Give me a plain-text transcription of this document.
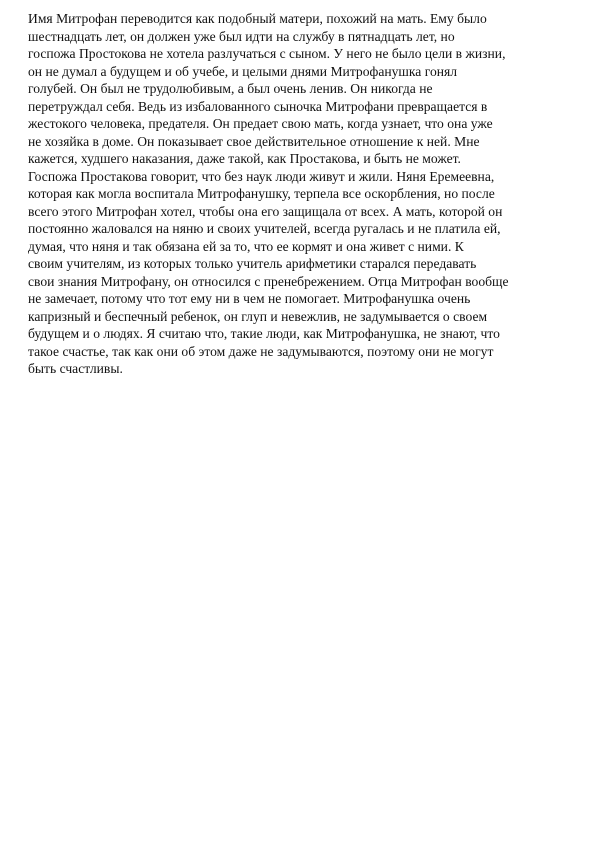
Имя Митрофан переводится как подобный матери, похожий на мать. Ему было
шестнадцать лет, он должен уже был идти на службу в пятнадцать лет, но
госпожа Простокова не хотела разлучаться с сыном. У него не было цели в жизни,
он не думал а будущем и об учебе, и целыми днями Митрофанушка гонял
голубей. Он был не трудолюбивым, а был очень ленив. Он никогда не
перетруждал себя. Ведь из избалованного сыночка Митрофани превращается в
жестокого человека, предателя. Он предает свою мать, когда узнает, что она уже
не хозяйка в доме. Он показывает свое действительное отношение к ней. Мне
кажется, худшего наказания, даже такой, как Простакова, и быть не может.
Госпожа Простакова говорит, что без наук люди живут и жили. Няня Еремеевна,
которая как могла воспитала Митрофанушку, терпела все оскорбления, но после
всего этого Митрофан хотел, чтобы она его защищала от всех. А мать, которой он
постоянно жаловался на няню и своих учителей, всегда ругалась и не платила ей,
думая, что няня и так обязана ей за то, что ее кормят и она живет с ними. К
своим учителям, из которых только учитель арифметики старался передавать
свои знания Митрофану, он относился с пренебрежением. Отца Митрофан вообще
не замечает, потому что тот ему ни в чем не помогает. Митрофанушка очень
капризный и беспечный ребенок, он глуп и невежлив, не задумывается о своем
будущем и о людях. Я считаю что, такие люди, как Митрофанушка, не знают, что
такое счастье, так как они об этом даже не задумываются, поэтому они не могут
быть счастливы.
